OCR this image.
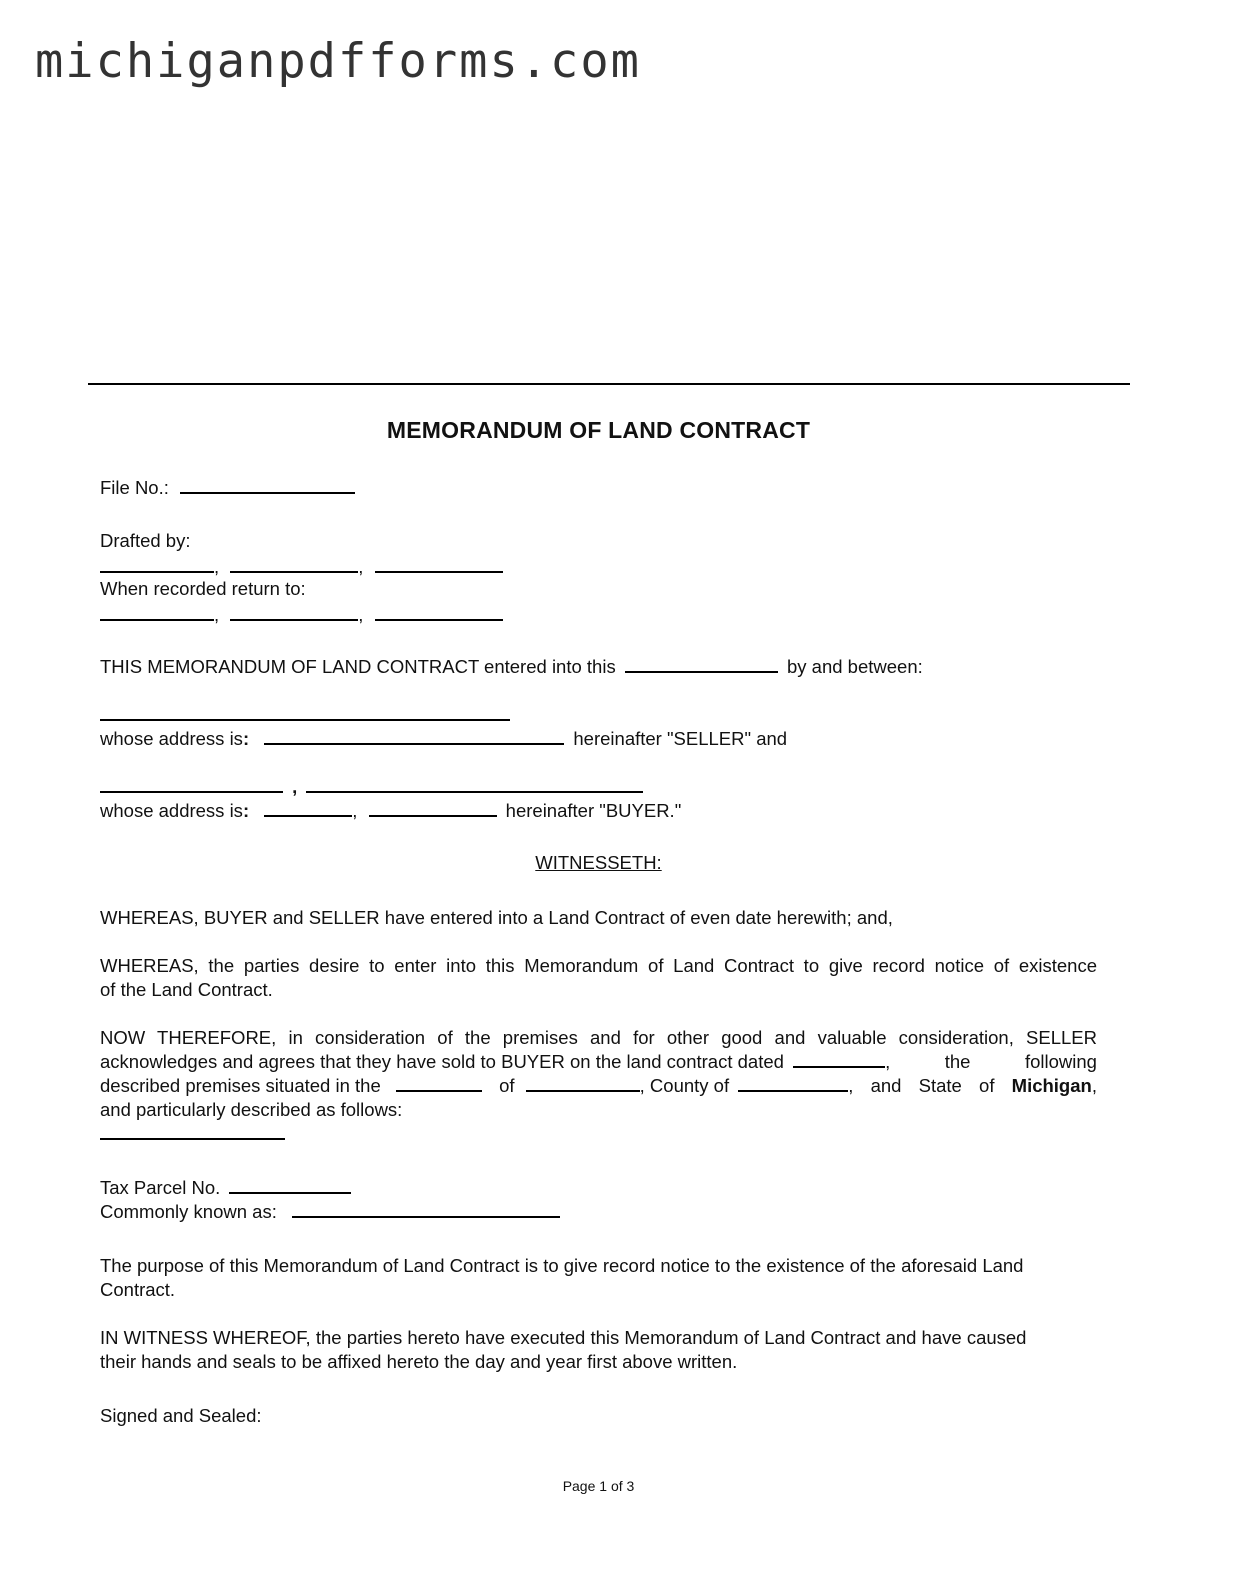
michiganpdfforms.com
MEMORANDUM OF LAND CONTRACT
File No.:
Drafted by:
,	,
When recorded return to:
,	,
THIS MEMORANDUM OF LAND CONTRACT entered into this	by and between:
whose address is:	hereinafter "SELLER" and
,
whose address is:	,	hereinafter "BUYER."
WITNESSETH:
WHEREAS, BUYER and SELLER have entered into a Land Contract of even date herewith; and,
WHEREAS, the parties desire to enter into this Memorandum of Land Contract to give record notice of existence
of the Land Contract.
NOW THEREFORE, in consideration of the premises and for other good and valuable consideration, SELLER
acknowledges and agrees that they have sold to BUYER on the land contract dated	,	the	following
described premises situated in the	of	, County of	, and State of Michigan,
and particularly described as follows:
Tax Parcel No.
Commonly known as:
The purpose of this Memorandum of Land Contract is to give record notice to the existence of the aforesaid Land
Contract.
IN WITNESS WHEREOF, the parties hereto have executed this Memorandum of Land Contract and have caused
their hands and seals to be affixed hereto the day and year first above written.
Signed and Sealed:
Page 1 of 3
